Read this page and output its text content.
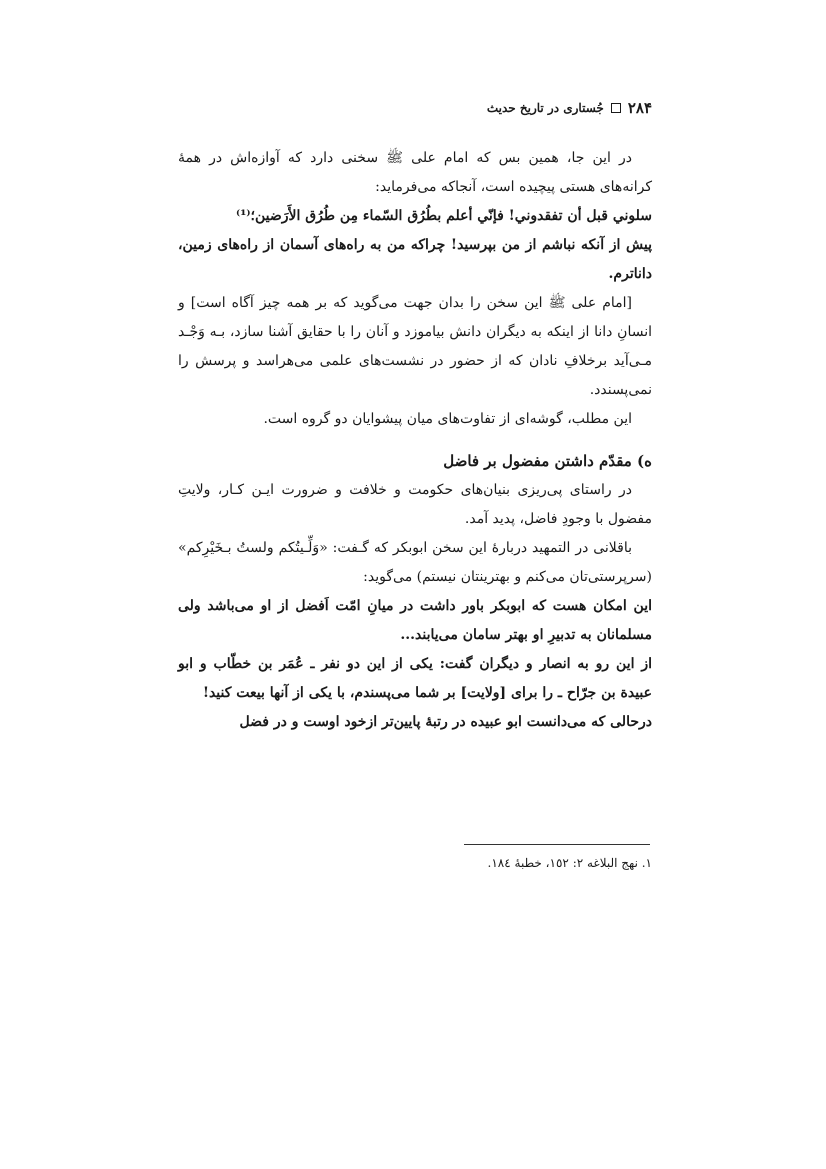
۲۸۴
جُستاری در تاریخ حدیث

در این جا، همین بس که امام علی ﷺ سخنی دارد که آوازه‌اش در همهٔ کرانه‌های هستی پیچیده است، آنجاکه می‌فرماید:

سلوني قبل أن تفقدوني! فإنّي أعلم بطُرُق السّماء مِن طُرُق الأَرَضين؛⁽¹⁾

پیش از آنکه نباشم از من بپرسید! چراکه من به راه‌های آسمان از راه‌های زمین، داناترم.

[امام علی ﷺ این سخن را بدان جهت می‌گوید که بر همه چیز آگاه است] و انسانِ دانا از اینکه به دیگران دانش بیاموزد و آنان را با حقایق آشنا سازد، بـه وَجْـد مـی‌آید برخلافِ نادان که از حضور در نشست‌های علمی می‌هراسد و پرسش را نمی‌پسندد.

این مطلب، گوشه‌ای از تفاوت‌های میان پیشوایان دو گروه است.

ه) مقدّم داشتن مفضول بر فاضل

در راستای پی‌ریزی بنیان‌های حکومت و خلافت و ضرورت ایـن کـار، ولایتِ مفضول با وجودِ فاضل، پدید آمد.

باقلانی در التمهید دربارهٔ این سخن ابوبکر که گـفت: «وَلِّـيتُكم ولستُ بـخَيْرِكم» (سرپرستی‌تان می‌کنم و بهترینتان نیستم) می‌گوید:

این امکان هست که ابوبکر باور داشت در میانِ امّت اَفضل از او می‌باشد ولی مسلمانان به تدبیرِ او بهتر سامان می‌یابند...

از این رو به انصار و دیگران گفت: یکی از این دو نفر ـ عُمَر بن خطّاب و ابو عبیدة بن جرّاح ـ را برای [ولایت] بر شما می‌پسندم، با یکی از آنها بیعت کنید!

درحالی که می‌دانست ابو عبیده در رتبهٔ پایین‌تر ازخود اوست و در فضل

١. نهج البلاغه ٢: ١٥٢، خطبهٔ ١٨٤.
